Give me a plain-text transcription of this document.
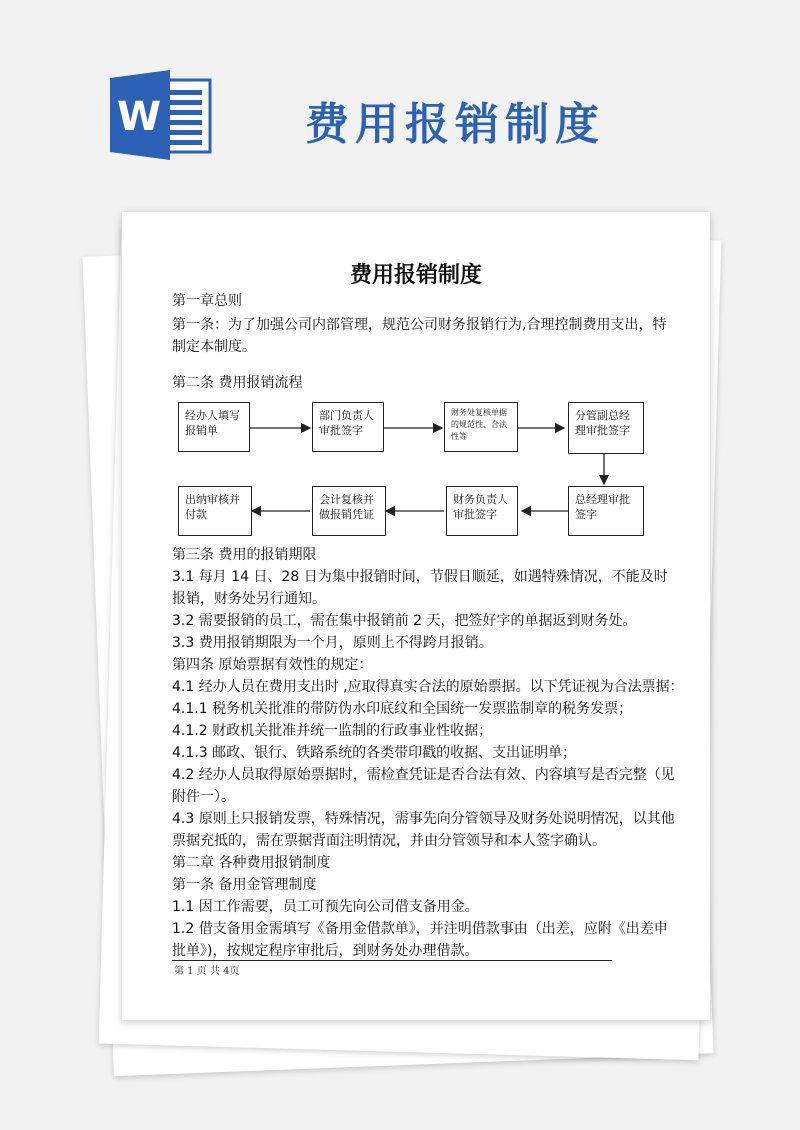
W	费用报销制度
费用报销制度
第一章总则
第一条：为了加强公司内部管理，规范公司财务报销行为,合理控制费用支出，特
制定本制度。
第二条 费用报销流程
经办人填写
报销单
部门负责人
审批签字
财务处复核单据
的规范性、合法
性等
分管副总经
理审批签字
总经理审批
签字
财务负责人
审批签字
会计复核并
做报销凭证
出纳审核并
付款
第三条 费用的报销期限
3.1 每月 14 日、28 日为集中报销时间，节假日顺延，如遇特殊情况，不能及时
报销，财务处另行通知。
3.2 需要报销的员工，需在集中报销前 2 天，把签好字的单据返到财务处。
3.3 费用报销期限为一个月，原则上不得跨月报销。
第四条 原始票据有效性的规定：
4.1 经办人员在费用支出时 ,应取得真实合法的原始票据。以下凭证视为合法票据：
4.1.1 税务机关批准的带防伪水印底纹和全国统一发票监制章的税务发票；
4.1.2 财政机关批准并统一监制的行政事业性收据；
4.1.3 邮政、银行、铁路系统的各类带印戳的收据、支出证明单；
4.2 经办人员取得原始票据时，需检查凭证是否合法有效、内容填写是否完整（见
附件一）。
4.3 原则上只报销发票，特殊情况，需事先向分管领导及财务处说明情况，以其他
票据充抵的，需在票据背面注明情况，并由分管领导和本人签字确认。
第二章 各种费用报销制度
第一条 备用金管理制度
1.1 因工作需要，员工可预先向公司借支备用金。
1.2 借支备用金需填写《备用金借款单》，并注明借款事由（出差，应附《出差申
批单》)，按规定程序审批后，到财务处办理借款。
第 1 页 共 4页
